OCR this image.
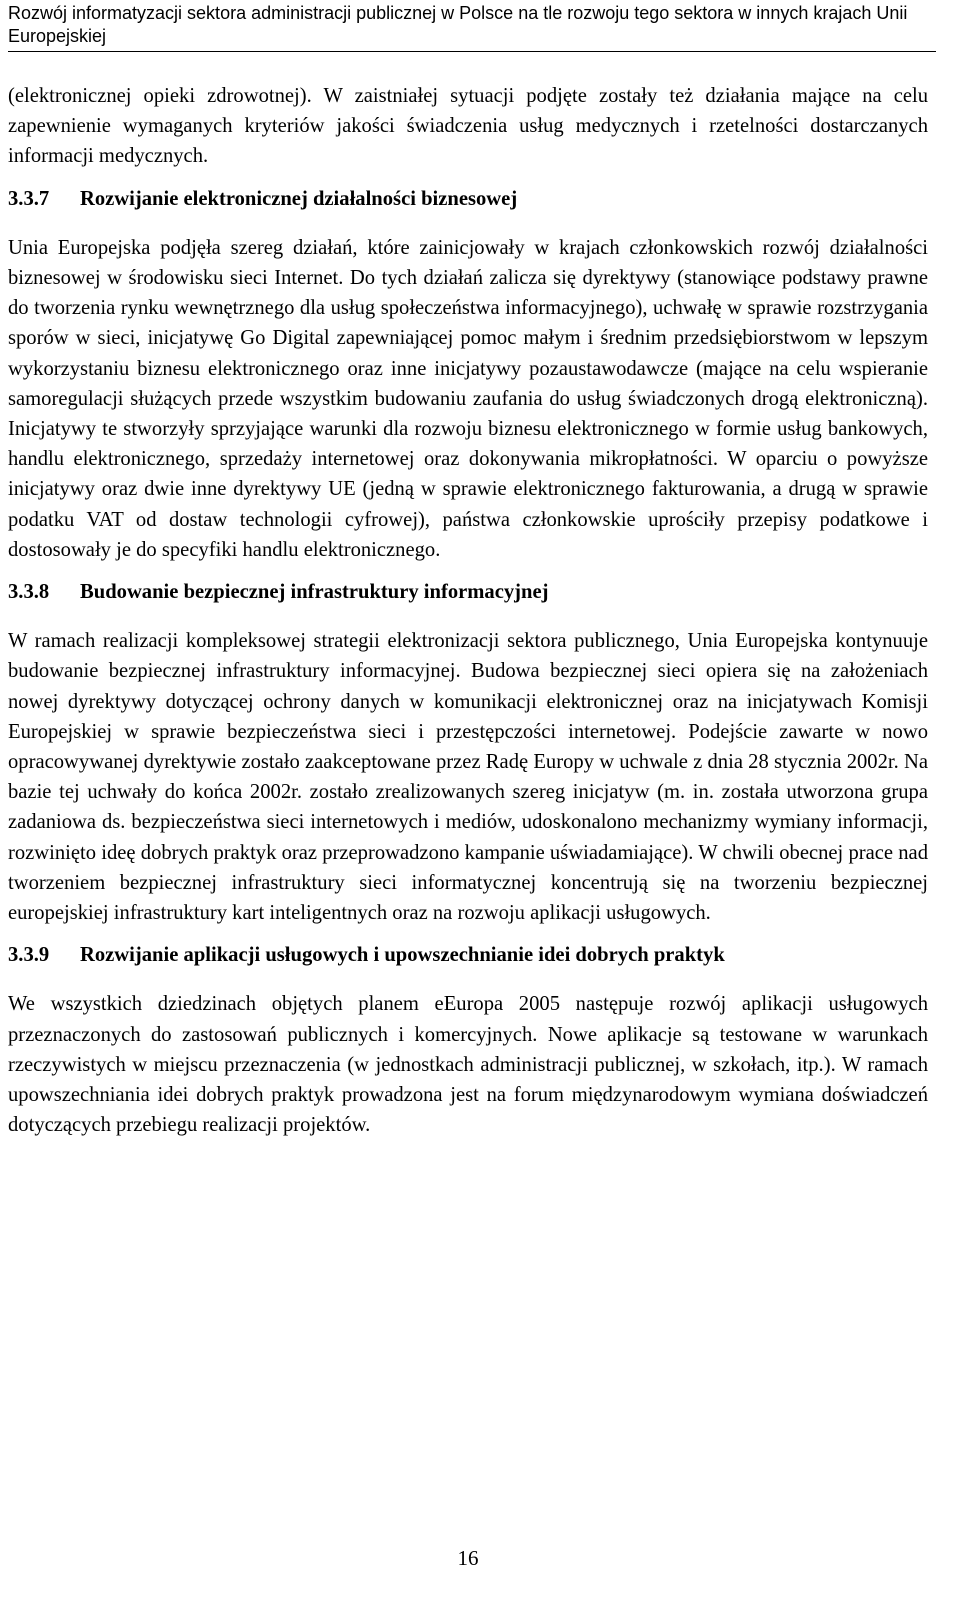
Rozwój informatyzacji sektora administracji publicznej w Polsce na tle rozwoju tego sektora w innych krajach Unii Europejskiej

(elektronicznej opieki zdrowotnej). W zaistniałej sytuacji podjęte zostały też działania mające na celu zapewnienie wymaganych kryteriów jakości świadczenia usług medycznych i rzetelności dostarczanych informacji medycznych.

3.3.7 Rozwijanie elektronicznej działalności biznesowej

Unia Europejska podjęła szereg działań, które zainicjowały w krajach członkowskich rozwój działalności biznesowej w środowisku sieci Internet. Do tych działań zalicza się dyrektywy (stanowiące podstawy prawne do tworzenia rynku wewnętrznego dla usług społeczeństwa informacyjnego), uchwałę w sprawie rozstrzygania sporów w sieci, inicjatywę Go Digital zapewniającej pomoc małym i średnim przedsiębiorstwom w lepszym wykorzystaniu biznesu elektronicznego oraz inne inicjatywy pozaustawodawcze (mające na celu wspieranie samoregulacji służących przede wszystkim budowaniu zaufania do usług świadczonych drogą elektroniczną). Inicjatywy te stworzyły sprzyjające warunki dla rozwoju biznesu elektronicznego w formie usług bankowych, handlu elektronicznego, sprzedaży internetowej oraz dokonywania mikropłatności. W oparciu o powyższe inicjatywy oraz dwie inne dyrektywy UE (jedną w sprawie elektronicznego fakturowania, a drugą w sprawie podatku VAT od dostaw technologii cyfrowej), państwa członkowskie uprościły przepisy podatkowe i dostosowały je do specyfiki handlu elektronicznego.

3.3.8 Budowanie bezpiecznej infrastruktury informacyjnej

W ramach realizacji kompleksowej strategii elektronizacji sektora publicznego, Unia Europejska kontynuuje budowanie bezpiecznej infrastruktury informacyjnej. Budowa bezpiecznej sieci opiera się na założeniach nowej dyrektywy dotyczącej ochrony danych w komunikacji elektronicznej oraz na inicjatywach Komisji Europejskiej w sprawie bezpieczeństwa sieci i przestępczości internetowej. Podejście zawarte w nowo opracowywanej dyrektywie zostało zaakceptowane przez Radę Europy w uchwale z dnia 28 stycznia 2002r. Na bazie tej uchwały do końca 2002r. zostało zrealizowanych szereg inicjatyw (m. in. została utworzona grupa zadaniowa ds. bezpieczeństwa sieci internetowych i mediów, udoskonalono mechanizmy wymiany informacji, rozwinięto ideę dobrych praktyk oraz przeprowadzono kampanie uświadamiające). W chwili obecnej prace nad tworzeniem bezpiecznej infrastruktury sieci informatycznej koncentrują się na tworzeniu bezpiecznej europejskiej infrastruktury kart inteligentnych oraz na rozwoju aplikacji usługowych.

3.3.9 Rozwijanie aplikacji usługowych i upowszechnianie idei dobrych praktyk

We wszystkich dziedzinach objętych planem eEuropa 2005 następuje rozwój aplikacji usługowych przeznaczonych do zastosowań publicznych i komercyjnych. Nowe aplikacje są testowane w warunkach rzeczywistych w miejscu przeznaczenia (w jednostkach administracji publicznej, w szkołach, itp.). W ramach upowszechniania idei dobrych praktyk prowadzona jest na forum międzynarodowym wymiana doświadczeń dotyczących przebiegu realizacji projektów.

16
